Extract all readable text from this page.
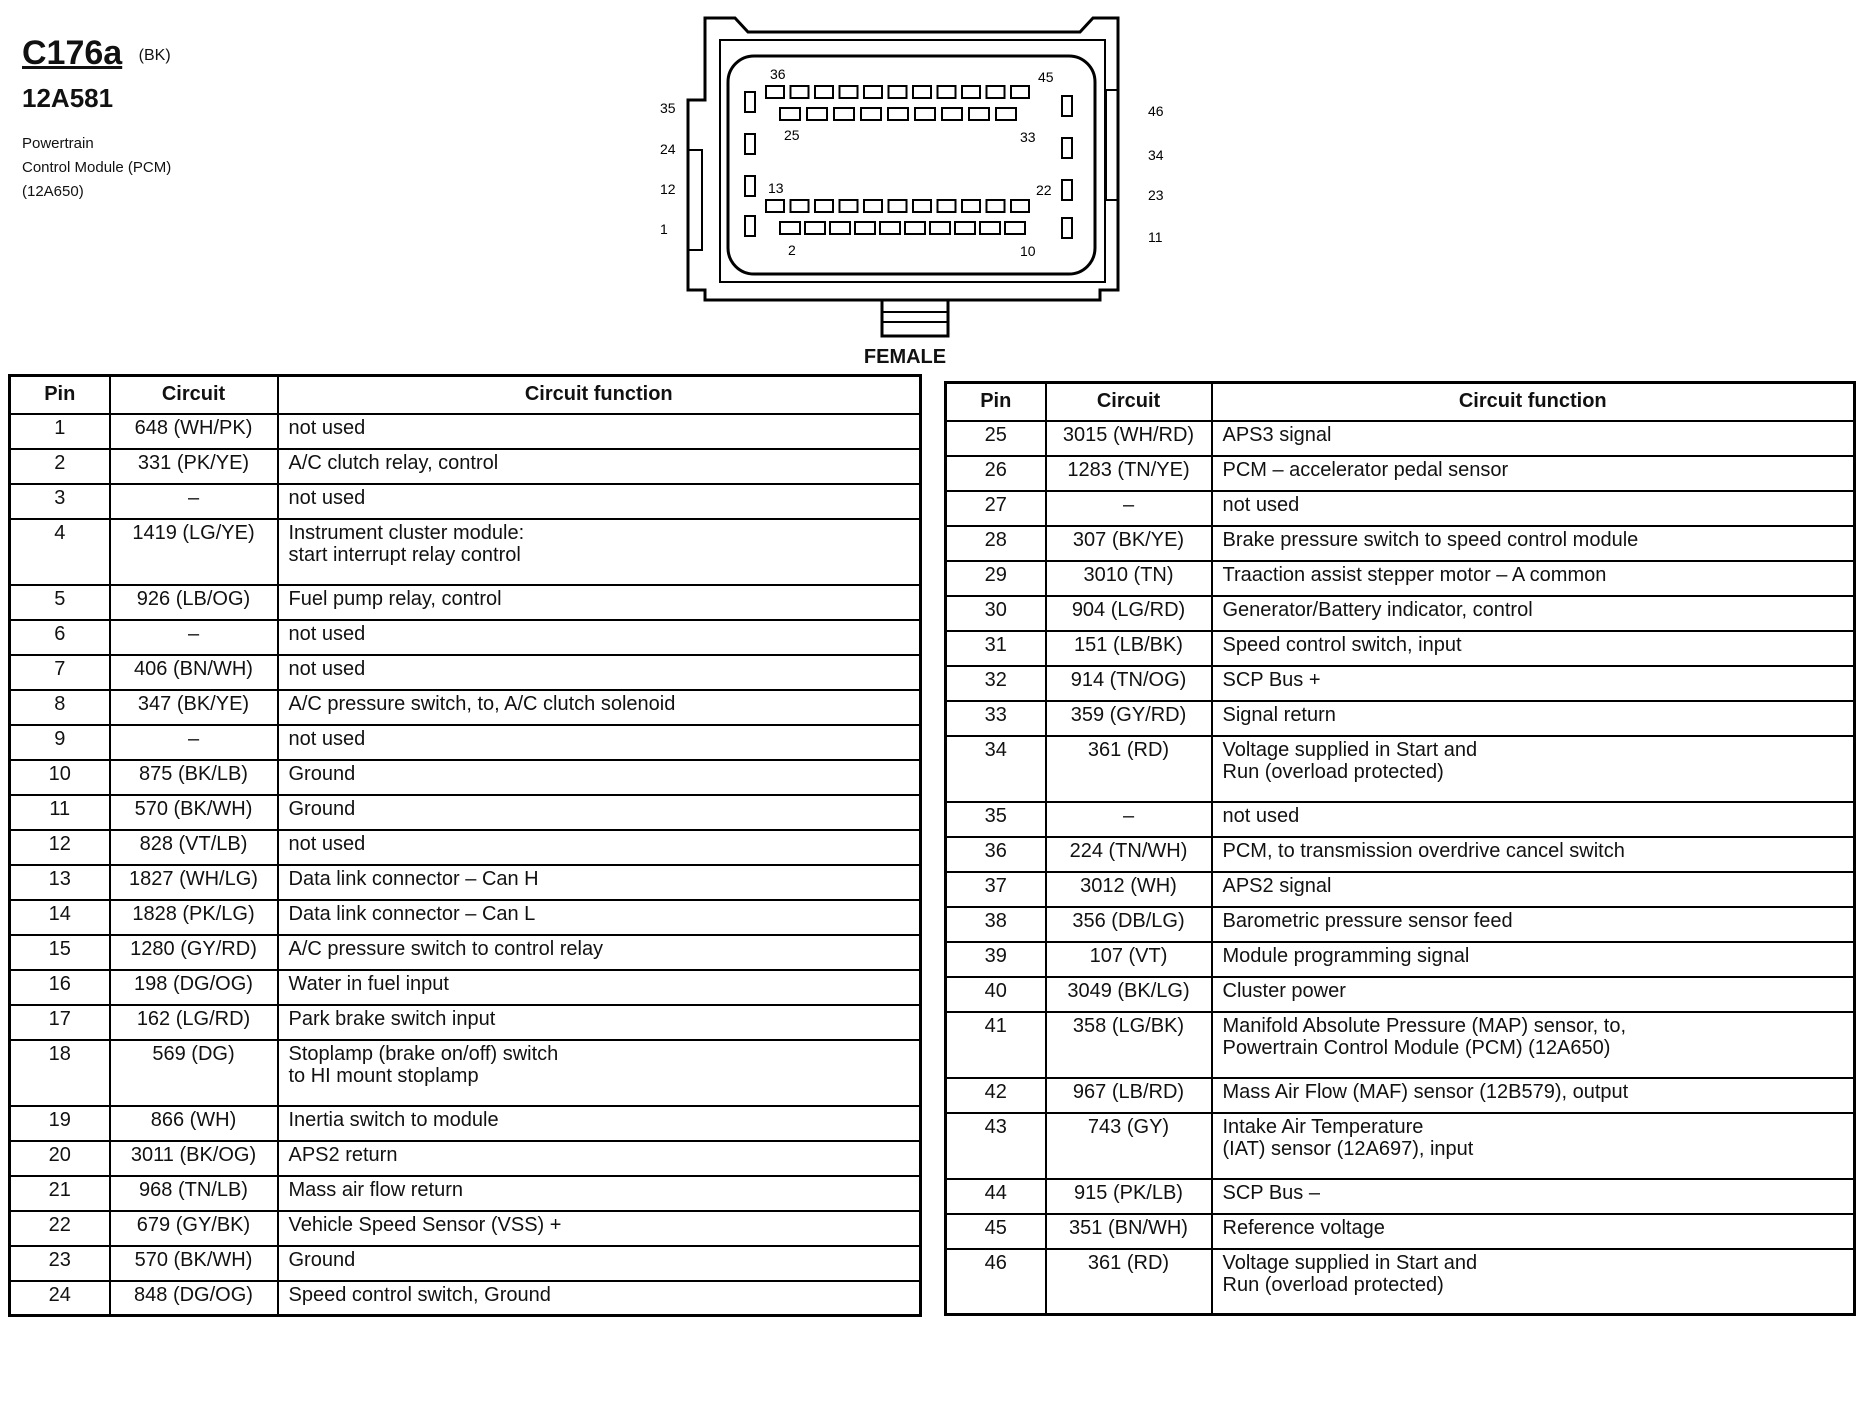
C176a (BK)
12A581
Powertrain
Control Module (PCM)
(12A650)
35
24
12
1
46
34
23
11
36	45
25	33
13	22
2	10
FEMALE
Pin	Circuit	Circuit function
1	648 (WH/PK)	not used

2	331 (PK/YE)	A/C clutch relay, control

3	–	not used

4	1419 (LG/YE)	Instrument cluster module:
start interrupt relay control

5	926 (LB/OG)	Fuel pump relay, control

6	–	not used

7	406 (BN/WH)	not used

8	347 (BK/YE)	A/C pressure switch, to, A/C clutch solenoid

9	–	not used

10	875 (BK/LB)	Ground

11	570 (BK/WH)	Ground

12	828 (VT/LB)	not used

13	1827 (WH/LG)	Data link connector – Can H

14	1828 (PK/LG)	Data link connector – Can L

15	1280 (GY/RD)	A/C pressure switch to control relay

16	198 (DG/OG)	Water in fuel input

17	162 (LG/RD)	Park brake switch input

18	569 (DG)	Stoplamp (brake on/off) switch
to HI mount stoplamp

19	866 (WH)	Inertia switch to module

20	3011 (BK/OG)	APS2 return

21	968 (TN/LB)	Mass air flow return

22	679 (GY/BK)	Vehicle Speed Sensor (VSS) +

23	570 (BK/WH)	Ground

24	848 (DG/OG)	Speed control switch, Ground
Pin	Circuit	Circuit function
25	3015 (WH/RD)	APS3 signal

26	1283 (TN/YE)	PCM – accelerator pedal sensor

27	–	not used

28	307 (BK/YE)	Brake pressure switch to speed control module

29	3010 (TN)	Traaction assist stepper motor – A common

30	904 (LG/RD)	Generator/Battery indicator, control

31	151 (LB/BK)	Speed control switch, input

32	914 (TN/OG)	SCP Bus +

33	359 (GY/RD)	Signal return

34	361 (RD)	Voltage supplied in Start and
Run (overload protected)

35	–	not used

36	224 (TN/WH)	PCM, to transmission overdrive cancel switch

37	3012 (WH)	APS2 signal

38	356 (DB/LG)	Barometric pressure sensor feed

39	107 (VT)	Module programming signal

40	3049 (BK/LG)	Cluster power

41	358 (LG/BK)	Manifold Absolute Pressure (MAP) sensor, to,
Powertrain Control Module (PCM) (12A650)

42	967 (LB/RD)	Mass Air Flow (MAF) sensor (12B579), output

43	743 (GY)	Intake Air Temperature
(IAT) sensor (12A697), input

44	915 (PK/LB)	SCP Bus –

45	351 (BN/WH)	Reference voltage

46	361 (RD)	Voltage supplied in Start and
Run (overload protected)
